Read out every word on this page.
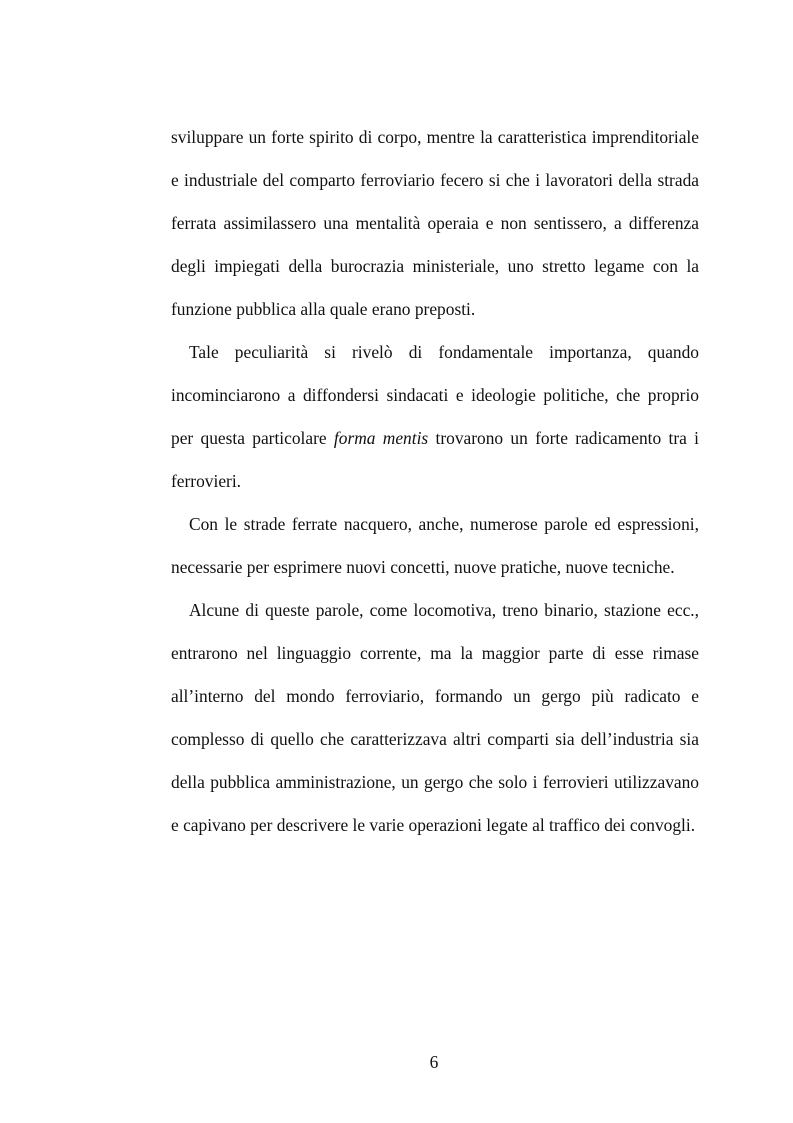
sviluppare un forte spirito di corpo, mentre la caratteristica imprenditoriale e industriale del comparto ferroviario fecero si che i lavoratori della strada ferrata assimilassero una mentalità operaia e non sentissero, a differenza degli impiegati della burocrazia ministeriale, uno stretto legame con la funzione pubblica alla quale erano preposti.

Tale peculiarità si rivelò di fondamentale importanza, quando incominciarono a diffondersi sindacati e ideologie politiche, che proprio per questa particolare forma mentis trovarono un forte radicamento tra i ferrovieri.

Con le strade ferrate nacquero, anche, numerose parole ed espressioni, necessarie per esprimere nuovi concetti, nuove pratiche, nuove tecniche.

Alcune di queste parole, come locomotiva, treno binario, stazione ecc., entrarono nel linguaggio corrente, ma la maggior parte di esse rimase all’interno del mondo ferroviario, formando un gergo più radicato e complesso di quello che caratterizzava altri comparti sia dell’industria sia della pubblica amministrazione, un gergo che solo i ferrovieri utilizzavano e capivano per descrivere le varie operazioni legate al traffico dei convogli.

6
